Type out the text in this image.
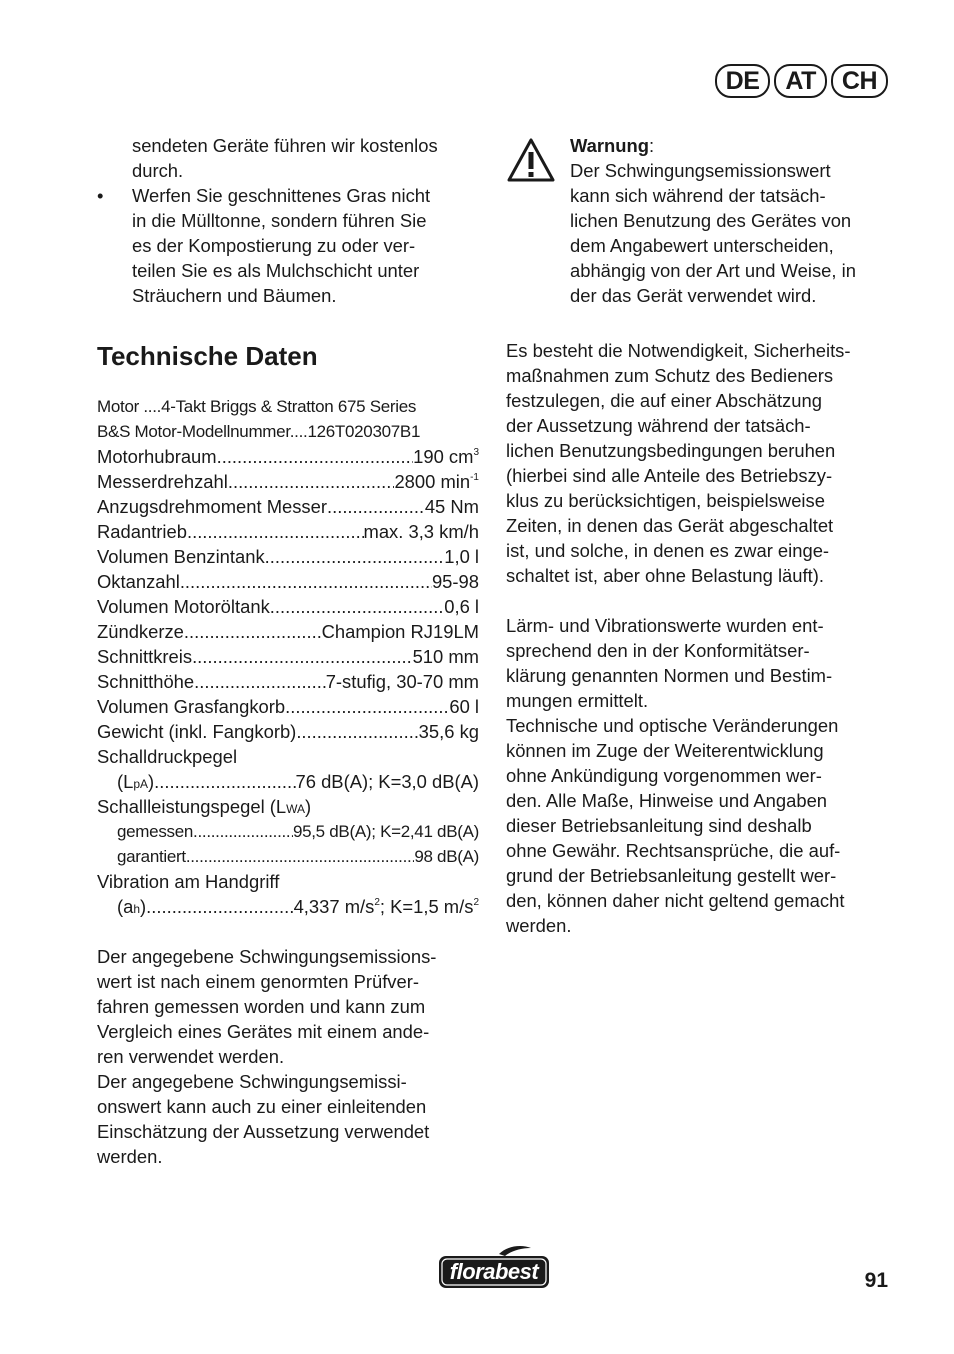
DE	AT	CH
sendeten Geräte führen wir kostenlos
durch.
• Werfen Sie geschnittenes Gras nicht
in die Mülltonne, sondern führen Sie
es der Kompostierung zu oder ver-
teilen Sie es als Mulchschicht unter
Sträuchern und Bäumen.
Technische Daten
Motor .... 4-Takt Briggs & Stratton 675 Series
B&S Motor-Modellnummer.... 126T020307B1
Motorhubraum .....	190 $cm^3$
Messerdrehzahl .....	2800 $\min^{-1}$
Anzugsdrehmoment Messer .....	45 Nm
Radantrieb .....	max. 3,3 km/h
Volumen Benzintank .....	1,0 l
Oktanzahl .....	95-98
Volumen Motoröltank .....	0,6 l
Zündkerze .....	Champion RJ19LM
Schnittkreis .....	510 mm
Schnitthöhe .....	7-stufig, 30-70 mm
Volumen Grasfangkorb .....	60 l
Gewicht (inkl. Fangkorb) .....	35,6 kg
Schalldruckpegel
(LpA) .....	76 dB(A); K=3,0 dB(A)
Schallleistungspegel (LWA)
gemessen .....	95,5 dB(A); K=2,41 dB(A)
garantiert .....	98 dB(A)
Vibration am Handgriff
(ah) .....	4,337 $m/s^2$; K=1,5 $m/s^2$
Der angegebene Schwingungsemissions-
wert ist nach einem genormten Prüfver-
fahren gemessen worden und kann zum
Vergleich eines Gerätes mit einem ande-
ren verwendet werden.
Der angegebene Schwingungsemissi-
onswert kann auch zu einer einleitenden
Einschätzung der Aussetzung verwendet
werden.
Warnung:
Der Schwingungsemissionswert
kann sich während der tatsäch-
lichen Benutzung des Gerätes von
dem Angabewert unterscheiden,
abhängig von der Art und Weise, in
der das Gerät verwendet wird.
Es besteht die Notwendigkeit, Sicherheits-
maßnahmen zum Schutz des Bedieners
festzulegen, die auf einer Abschätzung
der Aussetzung während der tatsäch-
lichen Benutzungsbedingungen beruhen
(hierbei sind alle Anteile des Betriebszy-
klus zu berücksichtigen, beispielsweise
Zeiten, in denen das Gerät abgeschaltet
ist, und solche, in denen es zwar einge-
schaltet ist, aber ohne Belastung läuft).
Lärm- und Vibrationswerte wurden ent-
sprechend den in der Konformitätser-
klärung genannten Normen und Bestim-
mungen ermittelt.
Technische und optische Veränderungen
können im Zuge der Weiterentwicklung
ohne Ankündigung vorgenommen wer-
den. Alle Maße, Hinweise und Angaben
dieser Betriebsanleitung sind deshalb
ohne Gewähr. Rechtsansprüche, die auf-
grund der Betriebsanleitung gestellt wer-
den, können daher nicht geltend gemacht
werden.
florabest	91
